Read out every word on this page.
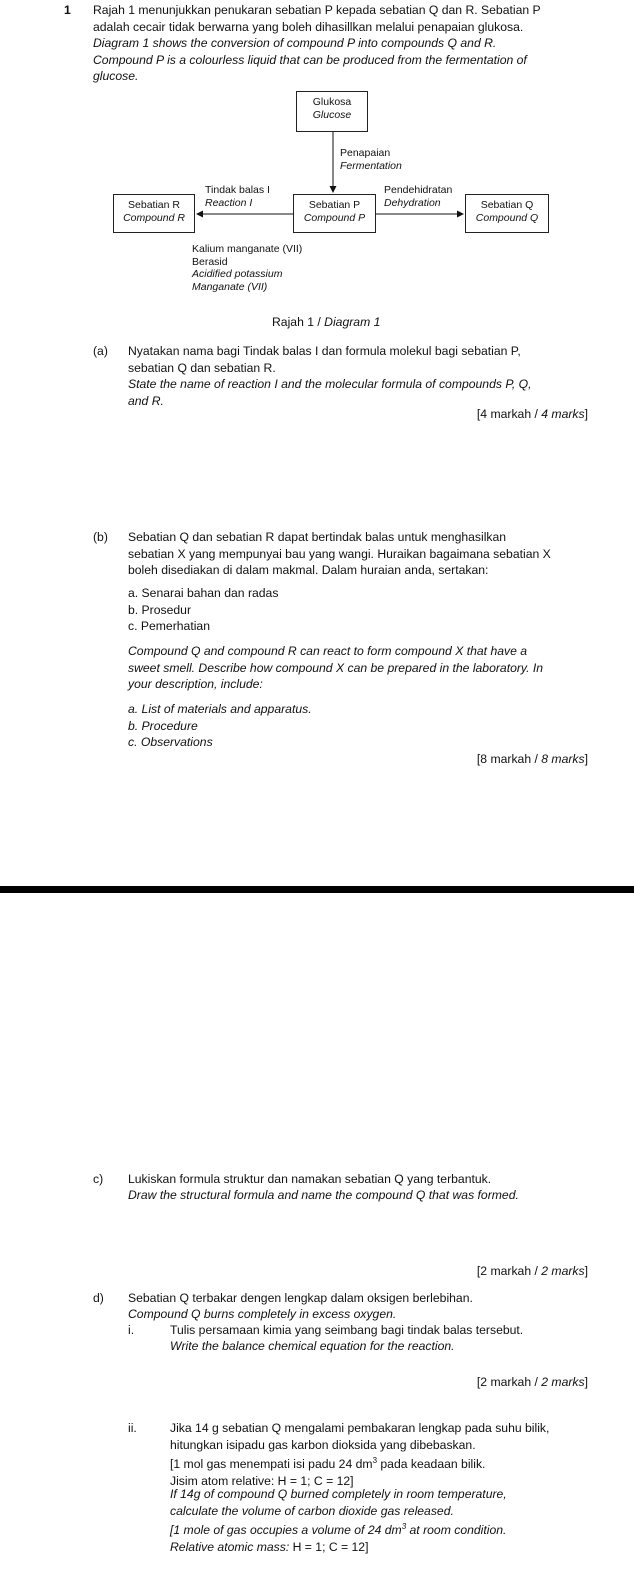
1 Rajah 1 menunjukkan penukaran sebatian P kepada sebatian Q dan R. Sebatian P
adalah cecair tidak berwarna yang boleh dihasillkan melalui penapaian glukosa.
Diagram 1 shows the conversion of compound P into compounds Q and R.
Compound P is a colourless liquid that can be produced from the fermentation of
glucose.
Glukosa
Glucose
Penapaian
Fermentation
Tindak balas I
Reaction I
Pendehidratan
Dehydration
Sebatian R
Compound R
Sebatian P
Compound P
Sebatian Q
Compound Q
Kalium manganate (VII)
Berasid
Acidified potassium
Manganate (VII)
Rajah 1 / Diagram 1
(a) Nyatakan nama bagi Tindak balas I dan formula molekul bagi sebatian P,
sebatian Q dan sebatian R.
State the name of reaction I and the molecular formula of compounds P, Q,
and R.
[4 markah / 4 marks]
(b) Sebatian Q dan sebatian R dapat bertindak balas untuk menghasilkan
sebatian X yang mempunyai bau yang wangi. Huraikan bagaimana sebatian X
boleh disediakan di dalam makmal. Dalam huraian anda, sertakan:
a. Senarai bahan dan radas
b. Prosedur
c. Pemerhatian
Compound Q and compound R can react to form compound X that have a
sweet smell. Describe how compound X can be prepared in the laboratory. In
your description, include:
a. List of materials and apparatus.
b. Procedure
c. Observations
[8 markah / 8 marks]
c) Lukiskan formula struktur dan namakan sebatian Q yang terbantuk.
Draw the structural formula and name the compound Q that was formed.
[2 markah / 2 marks]
d) Sebatian Q terbakar dengen lengkap dalam oksigen berlebihan.
Compound Q burns completely in excess oxygen.
i.	Tulis persamaan kimia yang seimbang bagi tindak balas tersebut.
Write the balance chemical equation for the reaction.
[2 markah / 2 marks]
ii.	Jika 14 g sebatian Q mengalami pembakaran lengkap pada suhu bilik,
hitungkan isipadu gas karbon dioksida yang dibebaskan.
[1 mol gas menempati isi padu 24 $dm^3$ pada keadaan bilik.
Jisim atom relative: H = 1; C = 12]
If 14g of compound Q burned completely in room temperature,
calculate the volume of carbon dioxide gas released.
[1 mole of gas occupies a volume of 24 $dm^3$ at room condition.
Relative atomic mass: H = 1; C = 12]
